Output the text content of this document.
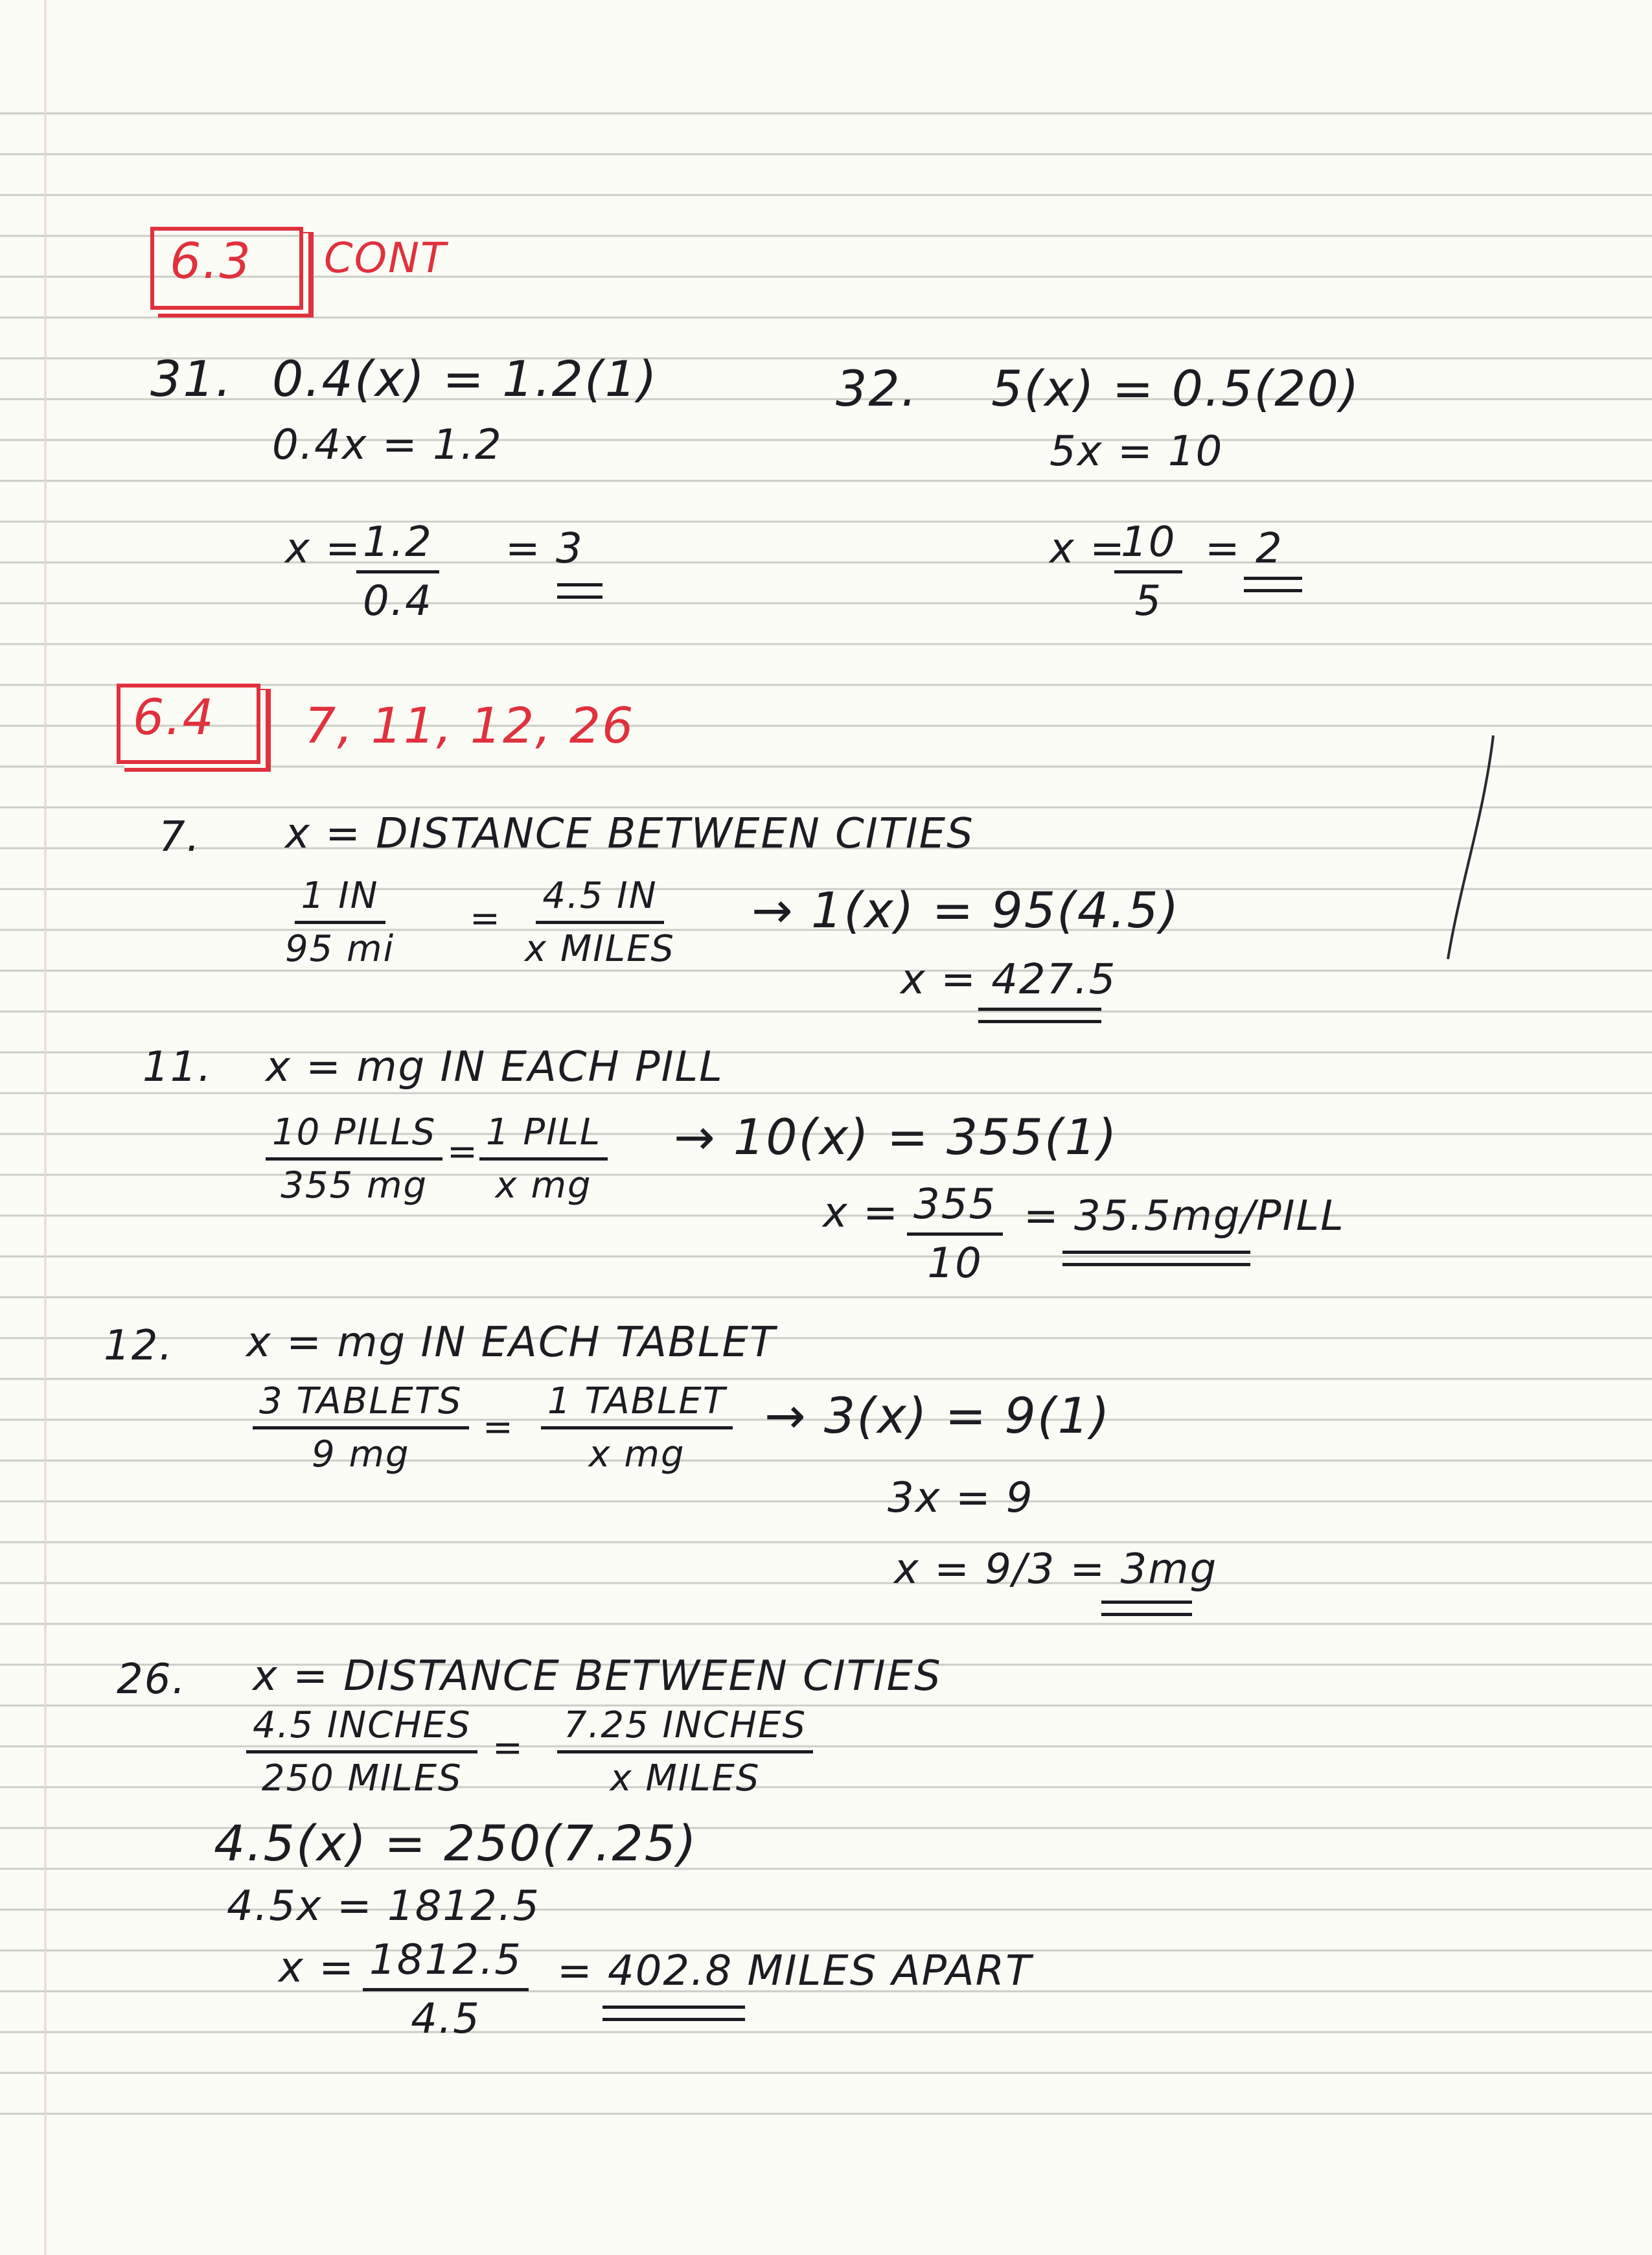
6.3 CONT
31. 0.4(x) = 1.2(1)
0.4x = 1.2
x =
$\frac{1.2}{0.4} = 3$
32. 5(x) = 0.5(20)
5x = 10
x =
$\frac{10}{5} = 2$
6.4 7, 11, 12, 26
7. x = DISTANCE BETWEEN CITIES
$\frac{1 IN}{95 mi}$ =
4.5 IN
x MILES
→ 1(x) = 95(4.5)
x = 427.5
11. x = mg IN EACH PILL
10 PILLS
355 mg
= 1 PILL
x mg
→ 10(x) = 355(1)
$x = \frac{355}{10}$ = 35.5mg/PILL
12. x = mg IN EACH TABLET
3 TABLETS
9 mg
=
1 TABLET
x mg
→ 3(x) = 9(1)
3x = 9
x = 9/3 = 3mg
26. x = DISTANCE BETWEEN CITIES
4.5 INCHES
250 MILES
=
7.25 INCHES
x MILES
4.5(x) = 250(7.25)
4.5x = 1812.5
$x = \frac{1812.5}{4.5} = 402.8$ MILES APART
